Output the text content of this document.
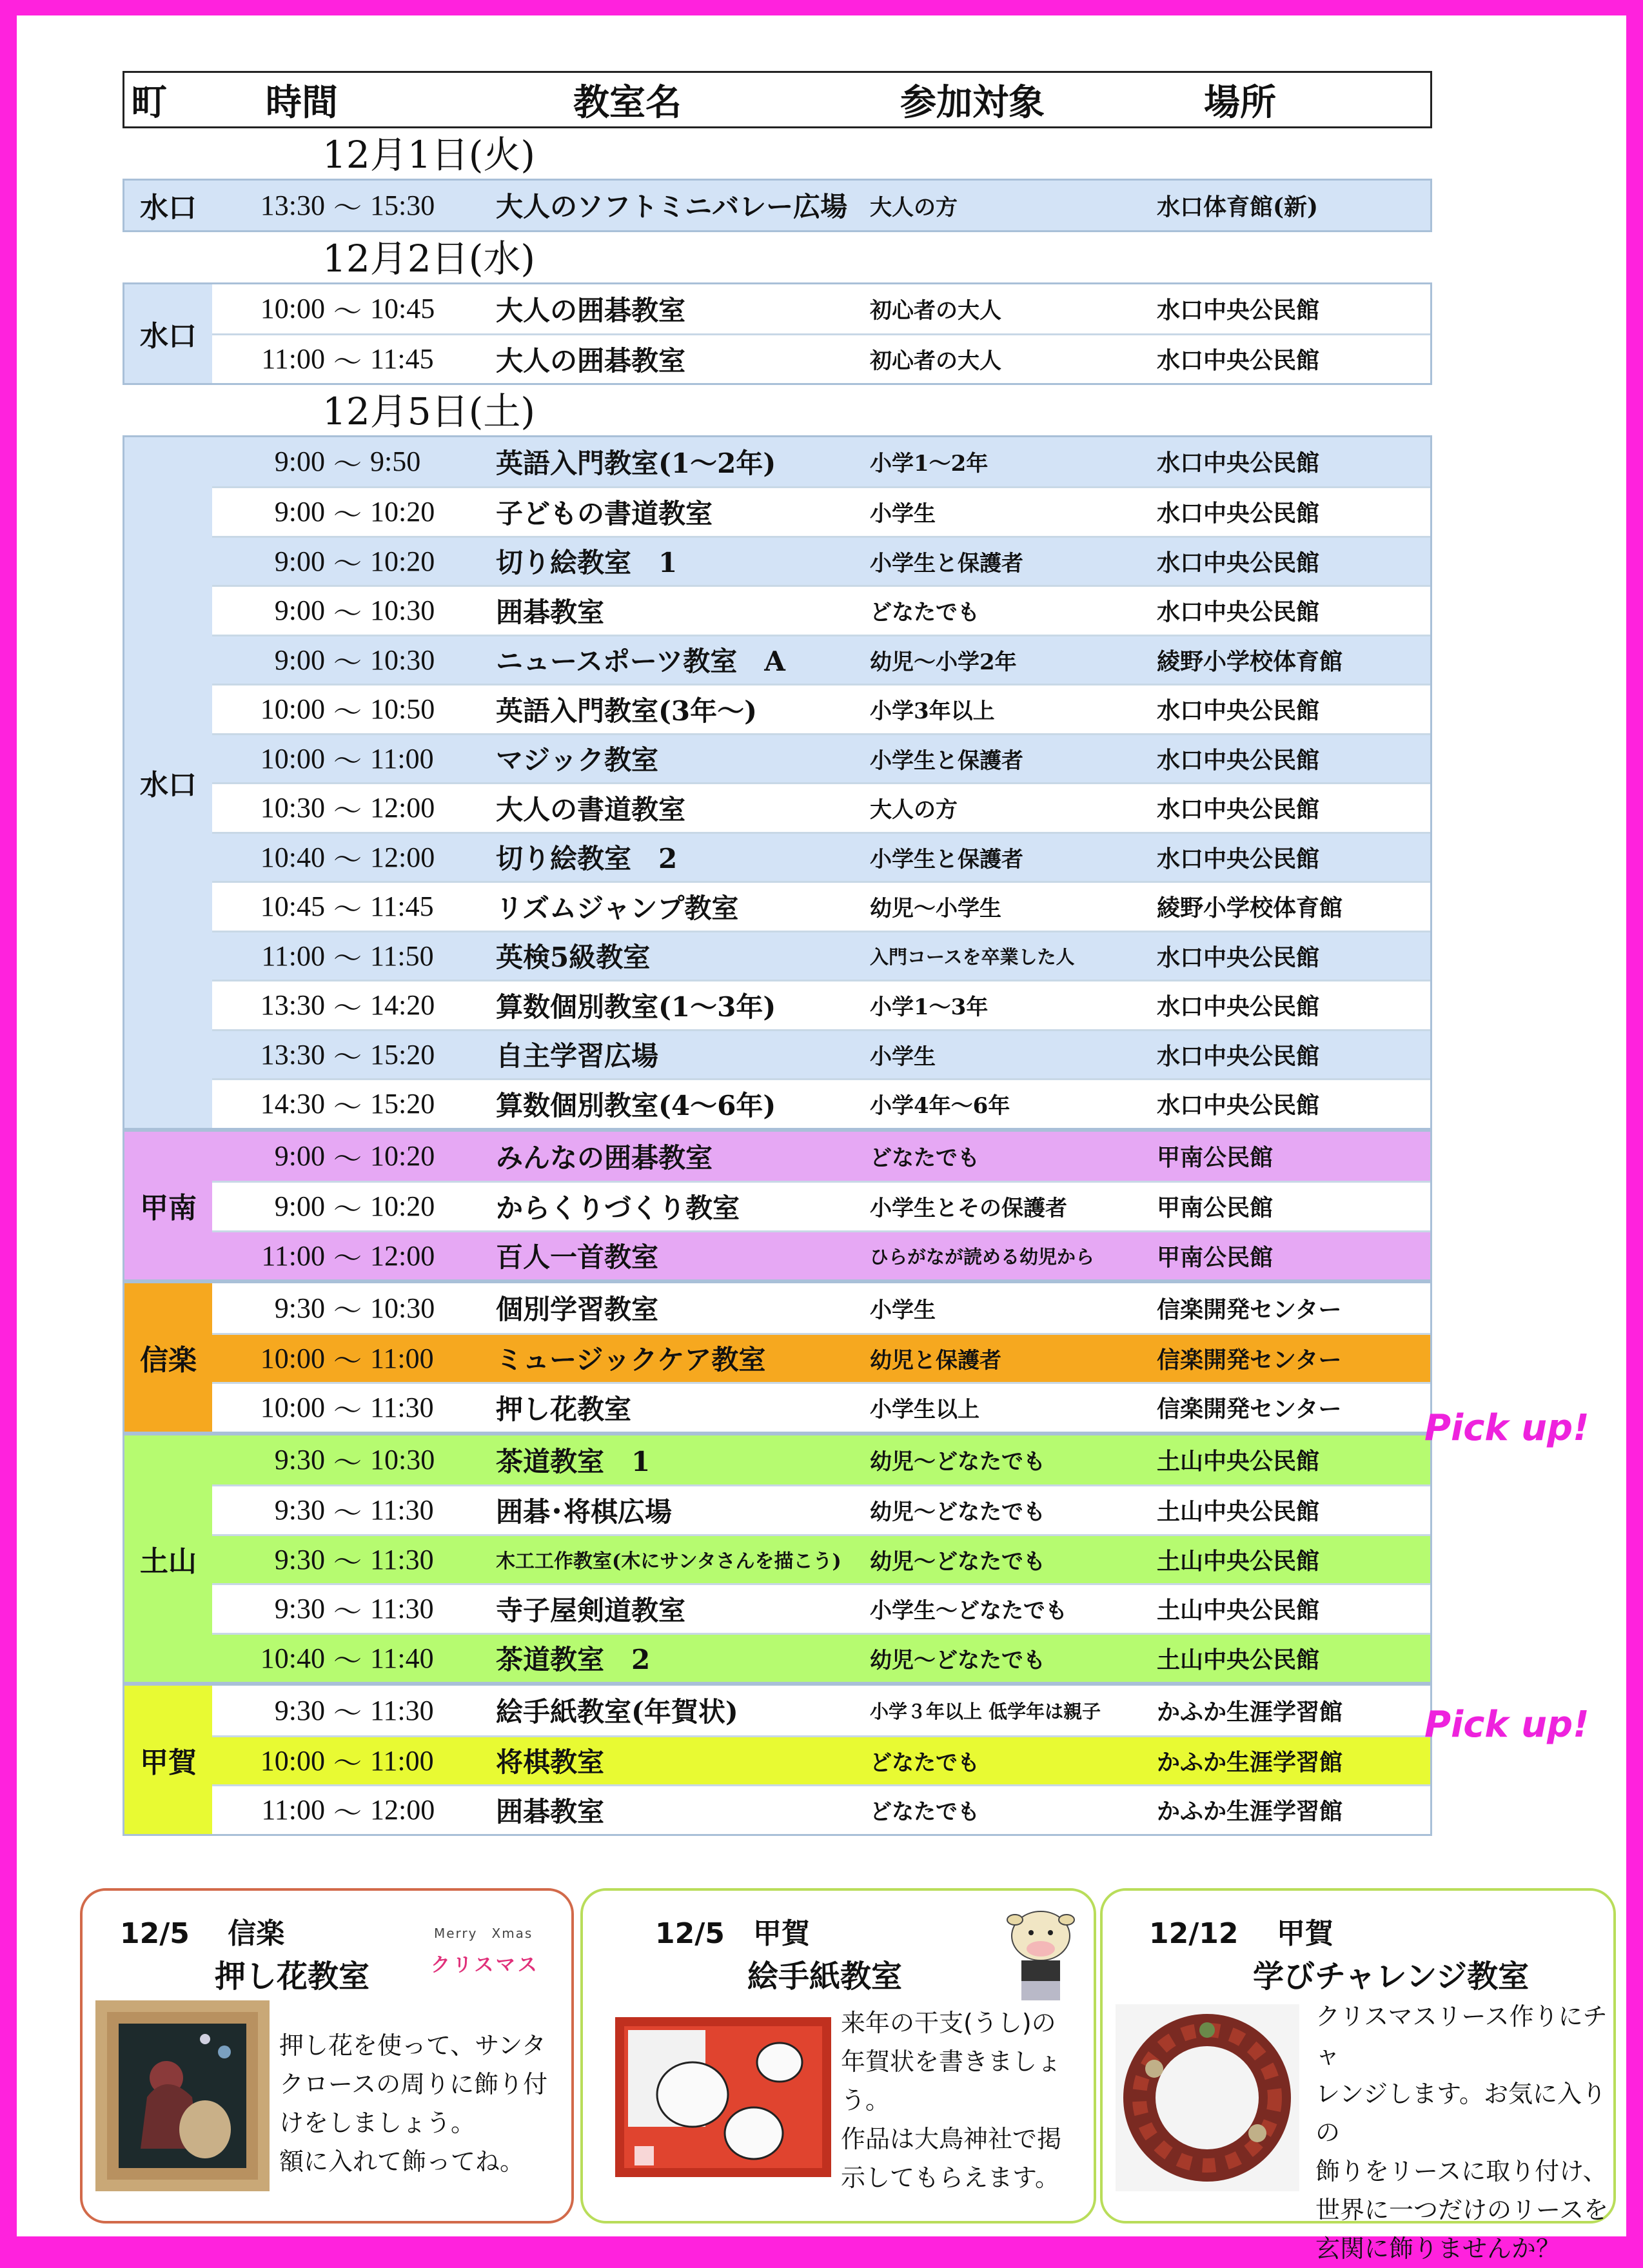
町	時間	教室名	参加対象	場所
12月1日(火)
水口	13:30 ～ 15:30	大人のソフトミニバレー広場	大人の方	水口体育館(新)
12月2日(水)
水口
10:00 ～ 10:45	大人の囲碁教室	初心者の大人	水口中央公民館
11:00 ～ 11:45	大人の囲碁教室	初心者の大人	水口中央公民館
12月5日(土)
水口
9:00 ～ 9:50	英語入門教室(1～2年)	小学1～2年	水口中央公民館
9:00 ～ 10:20	子どもの書道教室	小学生	水口中央公民館
9:00 ～ 10:20	切り絵教室　1	小学生と保護者	水口中央公民館
9:00 ～ 10:30	囲碁教室	どなたでも	水口中央公民館
9:00 ～ 10:30	ニュースポーツ教室　A	幼児～小学2年	綾野小学校体育館
10:00 ～ 10:50	英語入門教室(3年～)	小学3年以上	水口中央公民館
10:00 ～ 11:00	マジック教室	小学生と保護者	水口中央公民館
10:30 ～ 12:00	大人の書道教室	大人の方	水口中央公民館
10:40 ～ 12:00	切り絵教室　2	小学生と保護者	水口中央公民館
10:45 ～ 11:45	リズムジャンプ教室	幼児～小学生	綾野小学校体育館
11:00 ～ 11:50	英検5級教室	入門コースを卒業した人	水口中央公民館
13:30 ～ 14:20	算数個別教室(1～3年)	小学1～3年	水口中央公民館
13:30 ～ 15:20	自主学習広場	小学生	水口中央公民館
14:30 ～ 15:20	算数個別教室(4～6年)	小学4年～6年	水口中央公民館
甲南
9:00 ～ 10:20	みんなの囲碁教室	どなたでも	甲南公民館
9:00 ～ 10:20	からくりづくり教室	小学生とその保護者	甲南公民館
11:00 ～ 12:00	百人一首教室	ひらがなが読める幼児から	甲南公民館
信楽
9:30 ～ 10:30	個別学習教室	小学生	信楽開発センター
10:00 ～ 11:00	ミュージックケア教室	幼児と保護者	信楽開発センター
10:00 ～ 11:30	押し花教室	小学生以上	信楽開発センター
土山
9:30 ～ 10:30	茶道教室　1	幼児～どなたでも	土山中央公民館
9:30 ～ 11:30	囲碁･将棋広場	幼児～どなたでも	土山中央公民館
9:30 ～ 11:30	木工工作教室(木にサンタさんを描こう)	幼児～どなたでも	土山中央公民館
9:30 ～ 11:30	寺子屋剣道教室	小学生～どなたでも	土山中央公民館
10:40 ～ 11:40	茶道教室　2	幼児～どなたでも	土山中央公民館
甲賀
9:30 ～ 11:30	絵手紙教室(年賀状)	小学３年以上 低学年は親子	かふか生涯学習館
10:00 ～ 11:00	将棋教室	どなたでも	かふか生涯学習館
11:00 ～ 12:00	囲碁教室	どなたでも	かふか生涯学習館
Pick up!
Pick up!
12/5　 信楽
押し花教室
Merry　Xmas
クリスマス
押し花を使って、サンタ
クロースの周りに飾り付
けをしましょう。
額に入れて飾ってね。
12/5　甲賀
絵手紙教室
来年の干支(うし)の
年賀状を書きましょう。
作品は大鳥神社で掲
示してもらえます。
12/12　 甲賀
学びチャレンジ教室
クリスマスリース作りにチャ
レンジします。お気に入りの
飾りをリースに取り付け、
世界に一つだけのリースを
玄関に飾りませんか？
